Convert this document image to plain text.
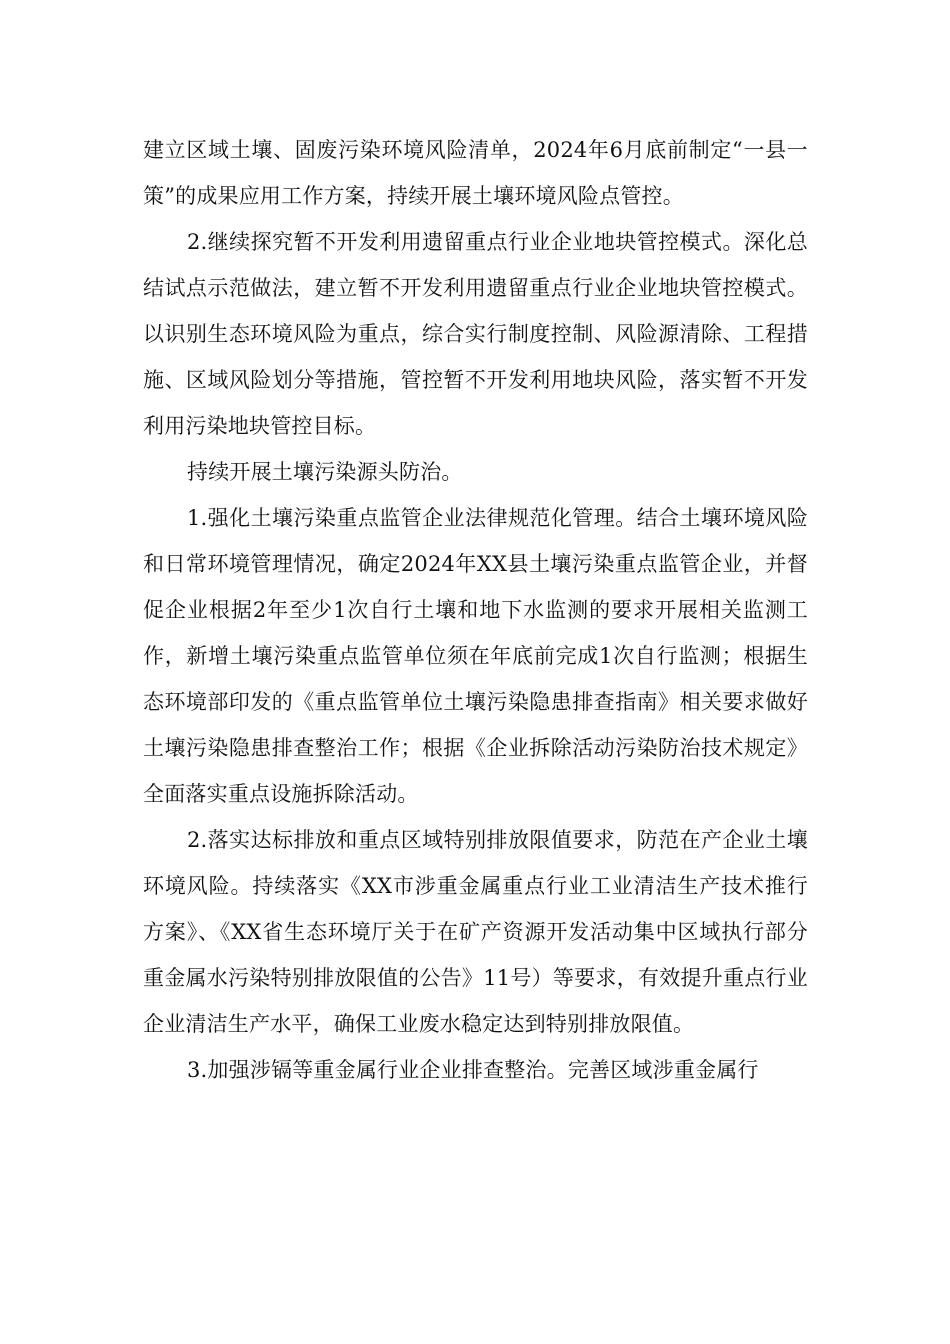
建立区域土壤、固废污染环境风险清单，2024年6月底前制定“一县一策”的成果应用工作方案，持续开展土壤环境风险点管控。

2.继续探究暂不开发利用遗留重点行业企业地块管控模式。深化总结试点示范做法，建立暂不开发利用遗留重点行业企业地块管控模式。以识别生态环境风险为重点，综合实行制度控制、风险源清除、工程措施、区域风险划分等措施，管控暂不开发利用地块风险，落实暂不开发利用污染地块管控目标。

持续开展土壤污染源头防治。

1.强化土壤污染重点监管企业法律规范化管理。结合土壤环境风险和日常环境管理情况，确定2024年XX县土壤污染重点监管企业，并督促企业根据2年至少1次自行土壤和地下水监测的要求开展相关监测工作，新增土壤污染重点监管单位须在年底前完成1次自行监测；根据生态环境部印发的《重点监管单位土壤污染隐患排查指南》相关要求做好土壤污染隐患排查整治工作；根据《企业拆除活动污染防治技术规定》全面落实重点设施拆除活动。

2.落实达标排放和重点区域特别排放限值要求，防范在产企业土壤环境风险。持续落实《XX市涉重金属重点行业工业清洁生产技术推行方案》、《XX省生态环境厅关于在矿产资源开发活动集中区域执行部分重金属水污染特别排放限值的公告》11号）等要求，有效提升重点行业企业清洁生产水平，确保工业废水稳定达到特别排放限值。

3.加强涉镉等重金属行业企业排查整治。完善区域涉重金属行
